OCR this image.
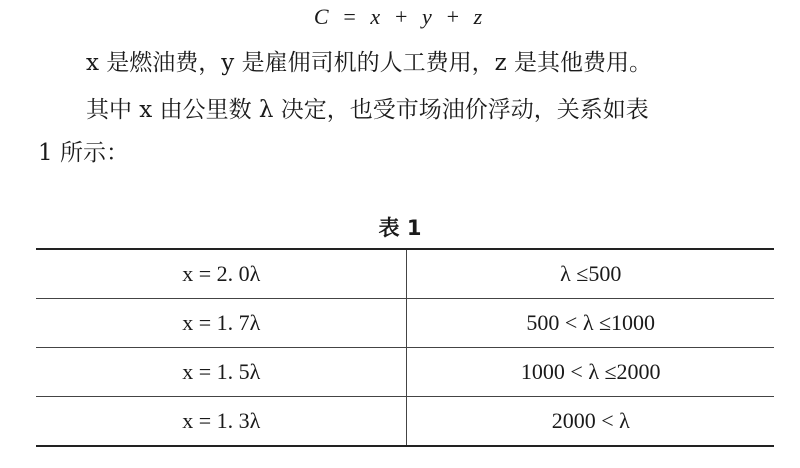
C = x + y + z
x 是燃油费，y 是雇佣司机的人工费用，z 是其他费用。
其中 x 由公里数 λ 决定，也受市场油价浮动，关系如表
1 所示：
表 1
x = 2. 0λ	λ ≤500
x = 1. 7λ	500 < λ ≤1000
x = 1. 5λ	1000 < λ ≤2000
x = 1. 3λ	2000 < λ
